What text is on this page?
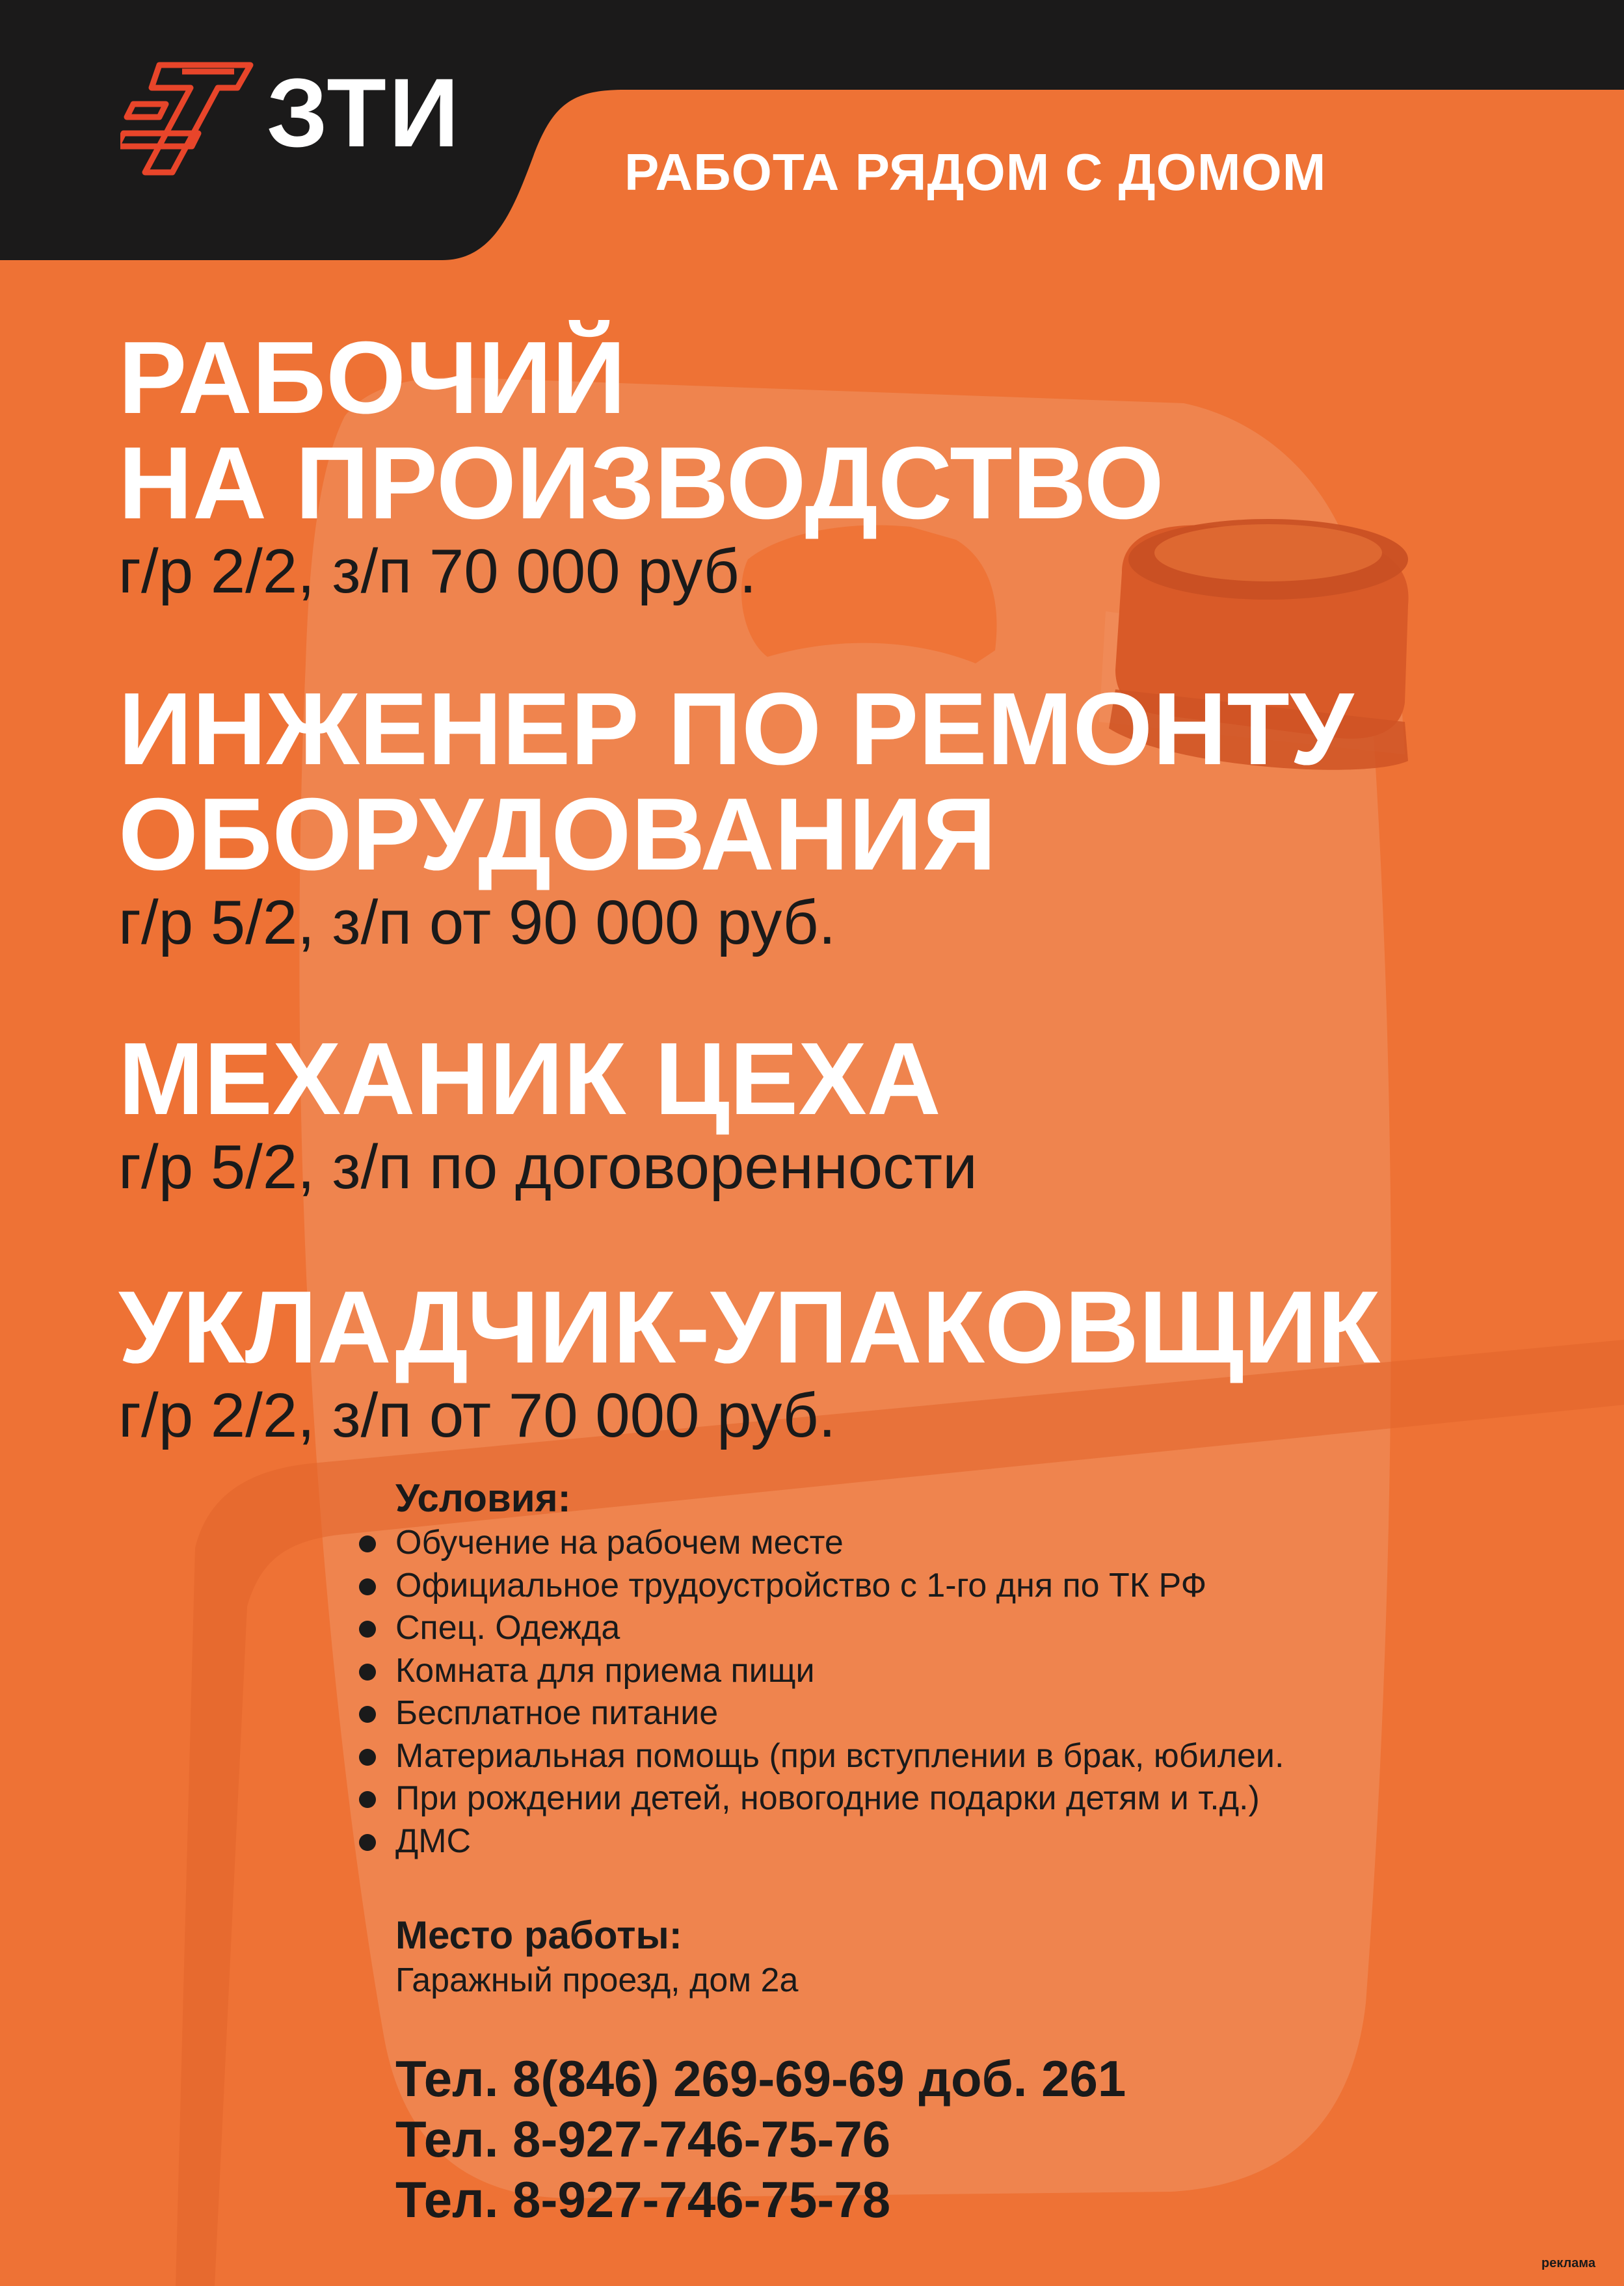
ЗТИ
РАБОТА РЯДОМ С ДОМОМ

РАБОЧИЙ

НА ПРОИЗВОДСТВО

г/р 2/2, з/п 70 000 руб.

ИНЖЕНЕР ПО РЕМОНТУ

ОБОРУДОВАНИЯ

г/р 5/2, з/п от 90 000 руб.

МЕХАНИК ЦЕХА

г/р 5/2, з/п по договоренности

УКЛАДЧИК-УПАКОВЩИК

г/р 2/2, з/п от 70 000 руб.

Условия:

Обучение на рабочем месте
Официальное трудоустройство с 1-го дня по ТК РФ
Спец. Одежда
Комната для приема пищи
Бесплатное питание
Материальная помощь (при вступлении в брак, юбилеи.
При рождении детей, новогодние подарки детям и т.д.)
ДМС

Место работы:

Гаражный проезд, дом 2а

Тел. 8(846) 269-69-69 доб. 261

Тел. 8-927-746-75-76

Тел. 8-927-746-75-78

реклама
